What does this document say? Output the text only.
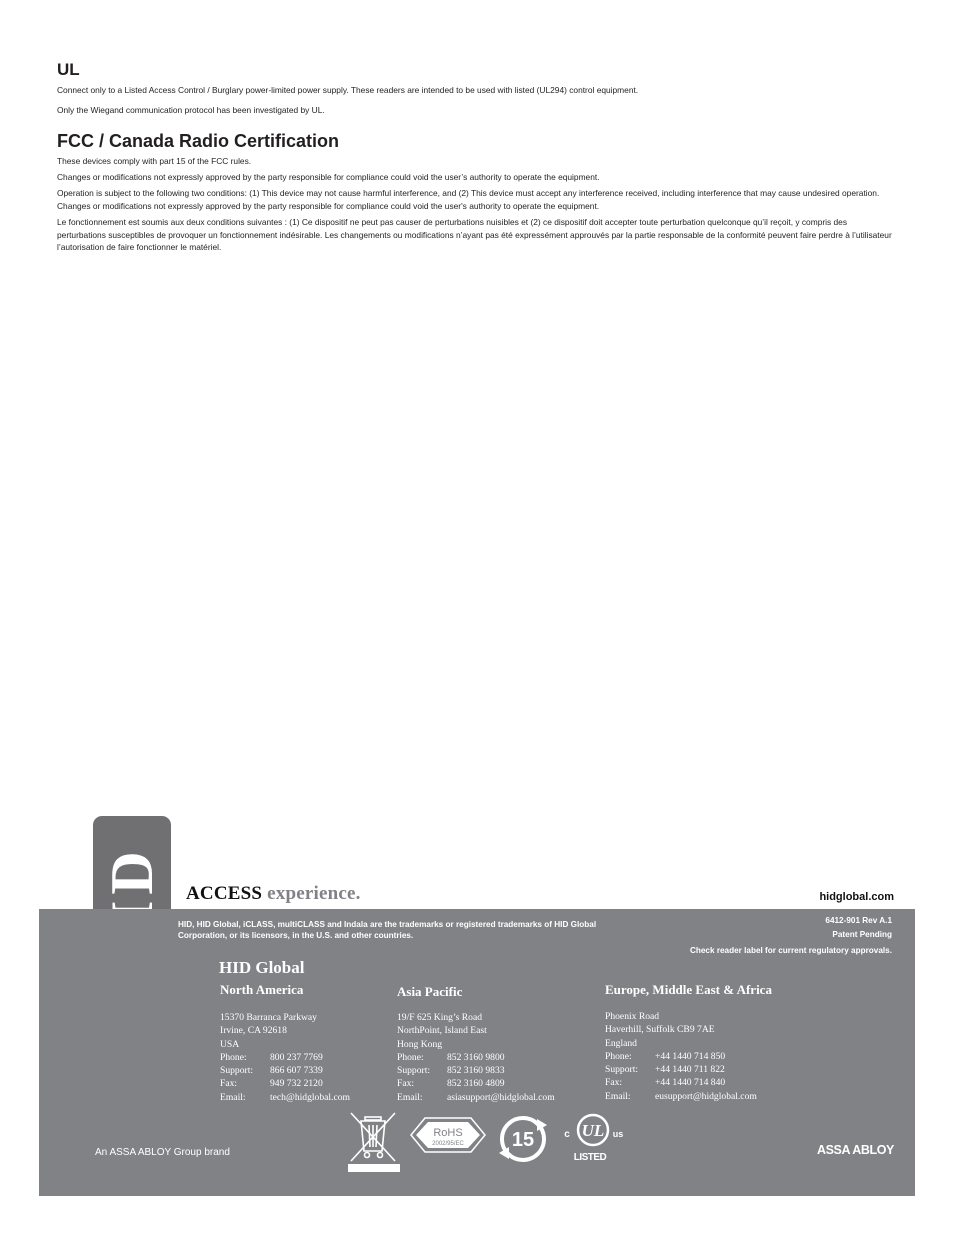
UL
Connect only to a Listed Access Control / Burglary power-limited power supply. These readers are intended to be used with listed (UL294) control equipment.
Only the Wiegand communication protocol has been investigated by UL.
FCC / Canada Radio Certification
These devices comply with part 15 of the FCC rules.
Changes or modifications not expressly approved by the party responsible for compliance could void the user’s authority to operate the equipment.
Operation is subject to the following two conditions: (1) This device may not cause harmful interference, and (2) This device must accept any interference received, including interference that may cause undesired operation. Changes or modifications not expressly approved by the party responsible for compliance could void the user's authority to operate the equipment.
Le fonctionnement est soumis aux deux conditions suivantes : (1) Ce dispositif ne peut pas causer de perturbations nuisibles et (2) ce dispositif doit accepter toute perturbation quelconque qu’il reçoit, y compris des perturbations susceptibles de provoquer un fonctionnement indésirable. Les changements ou modifications n’ayant pas été expressément approuvés par la partie responsable de la conformité peuvent faire perdre à l’utilisateur l’autorisation de faire fonctionner le matériel.
ACCESS experience.	hidglobal.com
HID, HID Global, iCLASS, multiCLASS and Indala are the trademarks or registered trademarks of HID Global Corporation, or its licensors, in the U.S. and other countries.
6412-901 Rev A.1
Patent Pending
Check reader label for current regulatory approvals.
HID Global
North America
15370 Barranca Parkway
Irvine, CA 92618
USA
Phone:	800 237 7769
Support:	866 607 7339
Fax:	949 732 2120
Email:	tech@hidglobal.com
Asia Pacific
19/F 625 King’s Road
NorthPoint, Island East
Hong Kong
Phone:	852 3160 9800
Support:	852 3160 9833
Fax:	852 3160 4809
Email:	asiasupport@hidglobal.com
Europe, Middle East & Africa
Phoenix Road
Haverhill, Suffolk CB9 7AE
England
Phone:	+44 1440 714 850
Support:	+44 1440 711 822
Fax:	+44 1440 714 840
Email:	eusupport@hidglobal.com
An ASSA ABLOY Group brand
RoHS
2002/95/EC 15	UL
c	us
LISTED
ASSA ABLOY
